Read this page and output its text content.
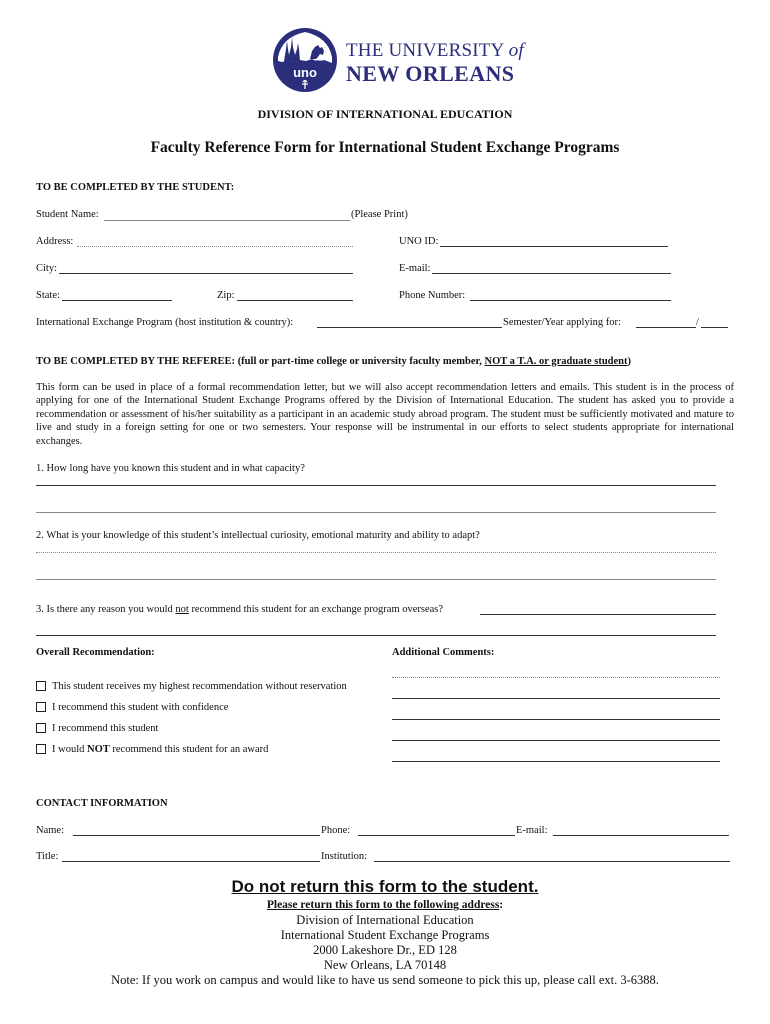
uno
THE UNIVERSITY of
NEW ORLEANS
DIVISION OF INTERNATIONAL EDUCATION
Faculty Reference Form for International Student Exchange Programs
TO BE COMPLETED BY THE STUDENT:
Student Name:	(Please Print)
Address:	UNO ID:
City:	E-mail:
State:	Zip:	Phone Number:
International Exchange Program (host institution & country):	Semester/Year applying for:	/
TO BE COMPLETED BY THE REFEREE: (full or part-time college or university faculty member, NOT a T.A. or graduate student)
This form can be used in place of a formal recommendation letter, but we will also accept recommendation letters and emails. This student is in the process of applying for one of the International Student Exchange Programs offered by the Division of International Education. The student has asked you to provide a recommendation or assessment of his/her suitability as a participant in an academic study abroad program. The student must be sufficiently motivated and mature to live and study in a foreign setting for one or two semesters. Your response will be instrumental in our efforts to select students appropriate for international exchanges.
1. How long have you known this student and in what capacity?
2. What is your knowledge of this student’s intellectual curiosity, emotional maturity and ability to adapt?
3. Is there any reason you would not recommend this student for an exchange program overseas?
Overall Recommendation:
This student receives my highest recommendation without reservation
I recommend this student with confidence
I recommend this student
I would NOT recommend this student for an award
Additional Comments:
CONTACT INFORMATION
Name:	Phone:	E-mail:
Title:	Institution:
Do not return this form to the student.
Please return this form to the following address:
Division of International Education
International Student Exchange Programs
2000 Lakeshore Dr., ED 128
New Orleans, LA 70148
Note: If you work on campus and would like to have us send someone to pick this up, please call ext. 3-6388.
